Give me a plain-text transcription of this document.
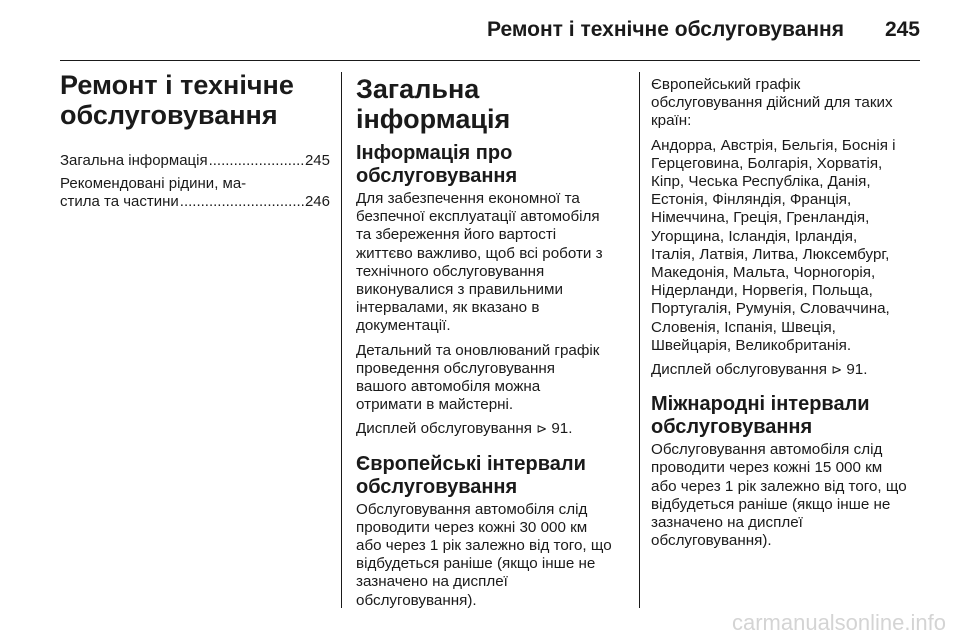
Ремонт і технічне обслуговування 245
Ремонт і технічне
обслуговування
Загальна інформація .....	245
Рекомендовані рідини, ма-
стила та частини .....	246
Загальна інформація
Інформація про
обслуговування

Для забезпечення економної та
безпечної експлуатації автомобіля
та збереження його вартості
життєво важливо, щоб всі роботи з
технічного обслуговування
виконувалися з правильними
інтервалами, як вказано в
документації.

Детальний та оновлюваний графік
проведення обслуговування
вашого автомобіля можна
отримати в майстерні.

Дисплей обслуговування ⊳ 91.

Європейські інтервали
обслуговування

Обслуговування автомобіля слід
проводити через кожні 30 000 км
або через 1 рік залежно від того, що
відбудеться раніше (якщо інше не
зазначено на дисплеї
обслуговування).

Європейський графік
обслуговування дійсний для таких
країн:

Андорра, Австрія, Бельгія, Боснія і
Герцеговина, Болгарія, Хорватія,
Кіпр, Чеська Республіка, Данія,
Естонія, Фінляндія, Франція,
Німеччина, Греція, Гренландія,
Угорщина, Ісландія, Ірландія,
Італія, Латвія, Литва, Люксембург,
Македонія, Мальта, Чорногорія,
Нідерланди, Норвегія, Польща,
Португалія, Румунія, Словаччина,
Словенія, Іспанія, Швеція,
Швейцарія, Великобританія.

Дисплей обслуговування ⊳ 91.

Міжнародні інтервали
обслуговування

Обслуговування автомобіля слід
проводити через кожні 15 000 км
або через 1 рік залежно від того, що
відбудеться раніше (якщо інше не
зазначено на дисплеї
обслуговування).

carmanualsonline.info
